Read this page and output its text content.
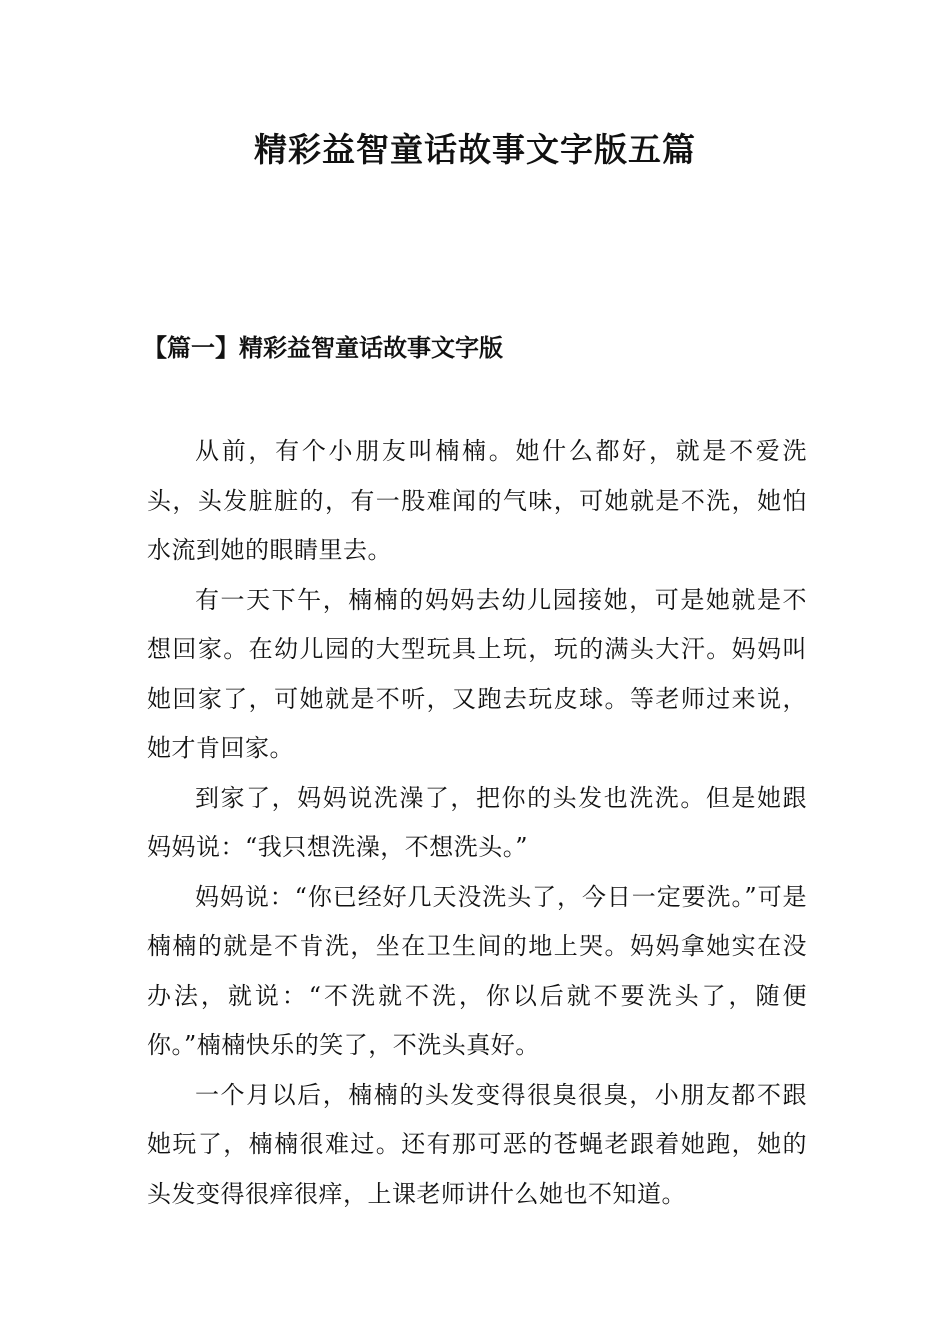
精彩益智童话故事文字版五篇
【篇一】精彩益智童话故事文字版

从前，有个小朋友叫楠楠。她什么都好，就是不爱洗头，头发脏脏的，有一股难闻的气味，可她就是不洗，她怕水流到她的眼睛里去。

有一天下午，楠楠的妈妈去幼儿园接她，可是她就是不想回家。在幼儿园的大型玩具上玩，玩的满头大汗。妈妈叫她回家了，可她就是不听，又跑去玩皮球。等老师过来说，她才肯回家。

到家了，妈妈说洗澡了，把你的头发也洗洗。但是她跟妈妈说：“我只想洗澡，不想洗头。”

妈妈说：“你已经好几天没洗头了，今日一定要洗。”可是楠楠的就是不肯洗，坐在卫生间的地上哭。妈妈拿她实在没办法，就说：“不洗就不洗，你以后就不要洗头了，随便你。”楠楠快乐的笑了，不洗头真好。

一个月以后，楠楠的头发变得很臭很臭，小朋友都不跟她玩了，楠楠很难过。还有那可恶的苍蝇老跟着她跑，她的头发变得很痒很痒，上课老师讲什么她也不知道。
